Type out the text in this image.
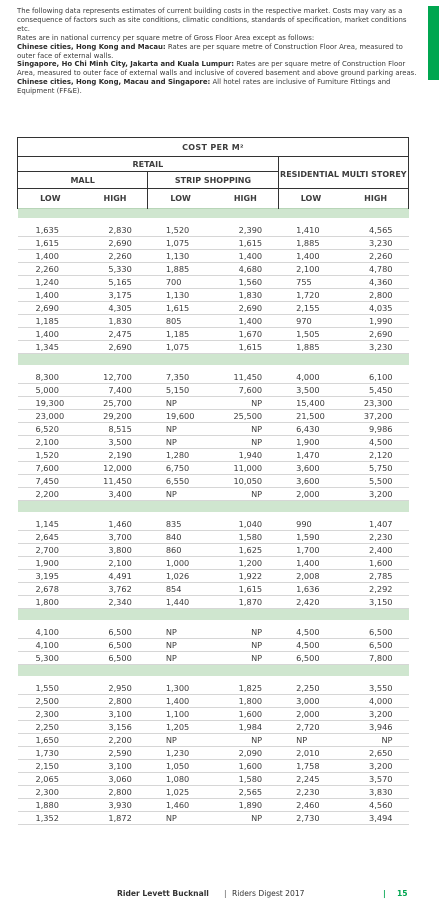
The following data represents estimates of current building costs in the respective market. Costs may vary as a consequence of factors such as site conditions, climatic conditions, standards of specification, market conditions etc.

Rates are in national currency per square metre of Gross Floor Area except as follows:

Chinese cities, Hong Kong and Macau: Rates are per square metre of Construction Floor Area, measured to outer face of external walls.

Singapore, Ho Chi Minh City, Jakarta and Kuala Lumpur: Rates are per square metre of Construction Floor Area, measured to outer face of external walls and inclusive of covered basement and above ground parking areas.

Chinese cities, Hong Kong, Macau and Singapore: All hotel rates are inclusive of Furniture Fittings and Equipment (FF&E).

COST PER M²					
RETAIL				RESIDENTIAL MULTI STOREY	
MALL		STRIP SHOPPING			
LOW	HIGH	LOW	HIGH	LOW	HIGH

1,635	2,830	1,520	2,390	1,410	4,565
1,615	2,690	1,075	1,615	1,885	3,230
1,400	2,260	1,130	1,400	1,400	2,260
2,260	5,330	1,885	4,680	2,100	4,780
1,240	5,165	700	1,560	755	4,360
1,400	3,175	1,130	1,830	1,720	2,800
2,690	4,305	1,615	2,690	2,155	4,035
1,185	1,830	805	1,400	970	1,990
1,400	2,475	1,185	1,670	1,505	2,690
1,345	2,690	1,075	1,615	1,885	3,230

8,300	12,700	7,350	11,450	4,000	6,100
5,000	7,400	5,150	7,600	3,500	5,450
19,300	25,700	NP	NP	15,400	23,300
23,000	29,200	19,600	25,500	21,500	37,200
6,520	8,515	NP	NP	6,430	9,986
2,100	3,500	NP	NP	1,900	4,500
1,520	2,190	1,280	1,940	1,470	2,120
7,600	12,000	6,750	11,000	3,600	5,750
7,450	11,450	6,550	10,050	3,600	5,500
2,200	3,400	NP	NP	2,000	3,200

1,145	1,460	835	1,040	990	1,407
2,645	3,700	840	1,580	1,590	2,230
2,700	3,800	860	1,625	1,700	2,400
1,900	2,100	1,000	1,200	1,400	1,600
3,195	4,491	1,026	1,922	2,008	2,785
2,678	3,762	854	1,615	1,636	2,292
1,800	2,340	1,440	1,870	2,420	3,150

4,100	6,500	NP	NP	4,500	6,500
4,100	6,500	NP	NP	4,500	6,500
5,300	6,500	NP	NP	6,500	7,800

1,550	2,950	1,300	1,825	2,250	3,550
2,500	2,800	1,400	1,800	3,000	4,000
2,300	3,100	1,100	1,600	2,000	3,200
2,250	3,156	1,205	1,984	2,720	3,946
1,650	2,200	NP	NP	NP	NP
1,730	2,590	1,230	2,090	2,010	2,650
2,150	3,100	1,050	1,600	1,758	3,200
2,065	3,060	1,080	1,580	2,245	3,570
2,300	2,800	1,025	2,565	2,230	3,830
1,880	3,930	1,460	1,890	2,460	4,560
1,352	1,872	NP	NP	2,730	3,494
Rider Levett Bucknall | Riders Digest 2017	| 15
